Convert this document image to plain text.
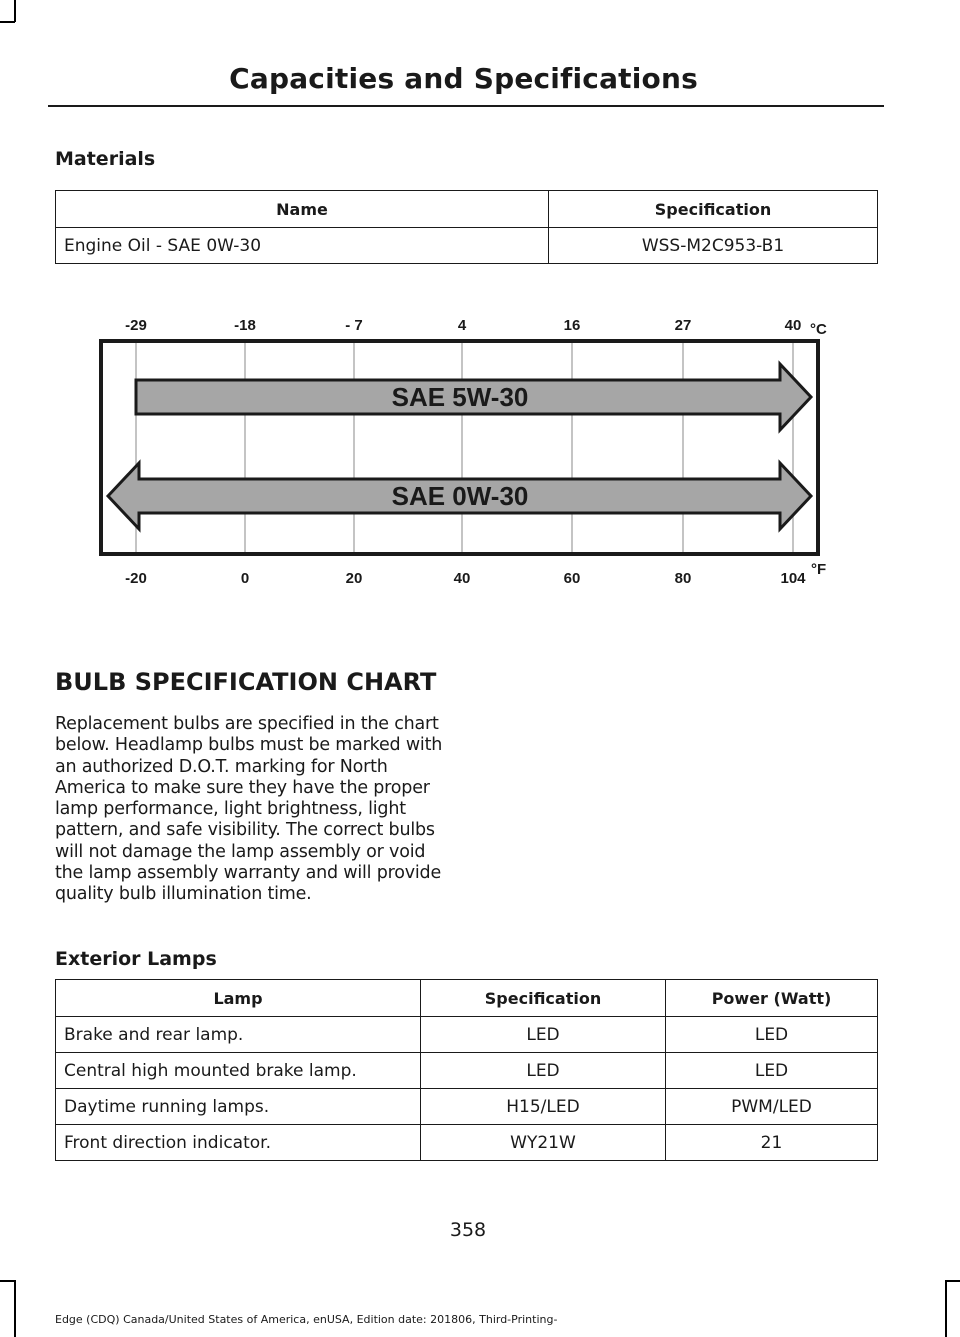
Capacities and Specifications
Materials
Name	Specification
Engine Oil - SAE 0W-30	WSS-M2C953-B1
-29	-18	- 7	4	16	27	40 °C
SAE 5W-30
SAE 0W-30
-20	0	20	40	60	80	104
°F
BULB SPECIFICATION CHART
Replacement bulbs are specified in the chart below. Headlamp bulbs must be marked with an authorized D.O.T. marking for North America to make sure they have the proper lamp performance, light brightness, light pattern, and safe visibility. The correct bulbs will not damage the lamp assembly or void the lamp assembly warranty and will provide quality bulb illumination time.
Exterior Lamps
Lamp	Specification	Power (Watt)
Brake and rear lamp.	LED	LED
Central high mounted brake lamp.	LED	LED
Daytime running lamps.	H15/LED	PWM/LED
Front direction indicator.	WY21W	21
358
Edge (CDQ) Canada/United States of America, enUSA, Edition date: 201806, Third-Printing-
